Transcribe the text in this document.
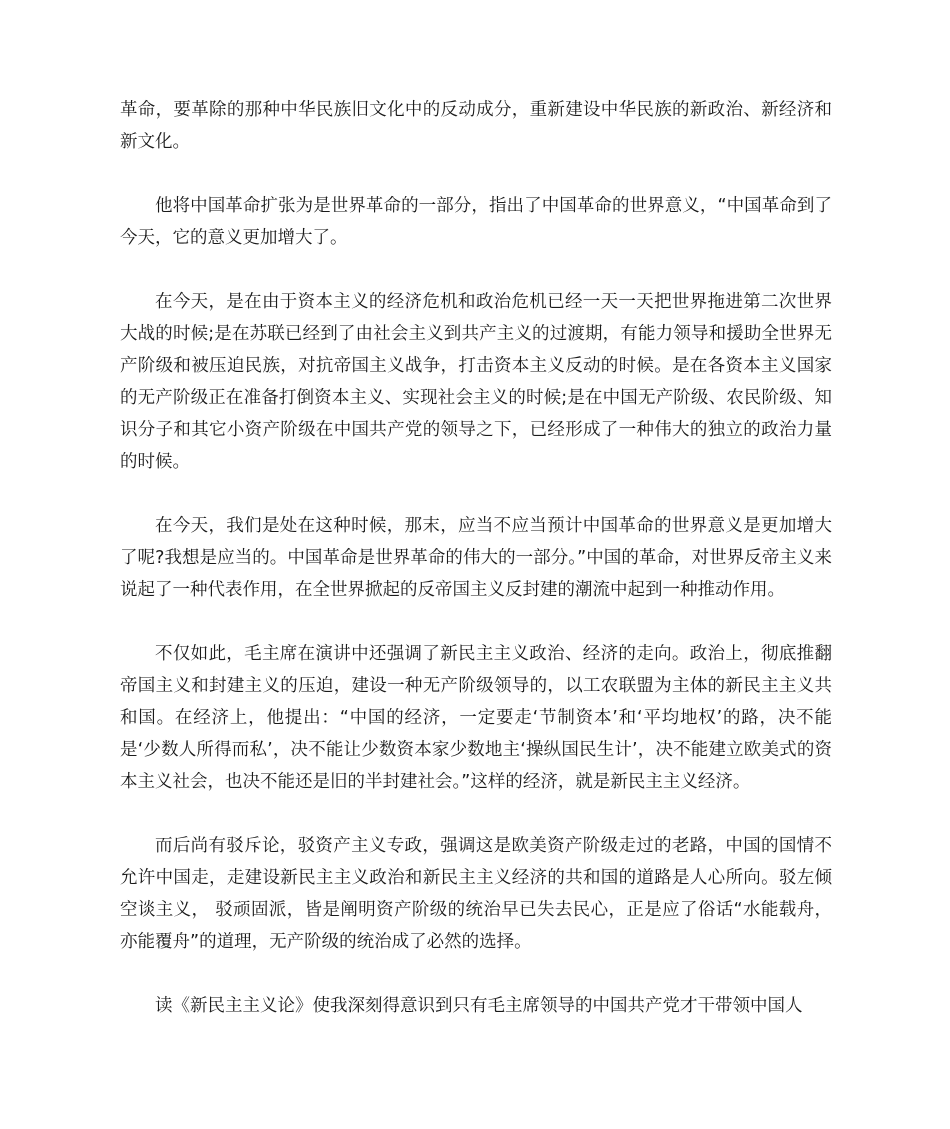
革命，要革除的那种中华民族旧文化中的反动成分，重新建设中华民族的新政治、新经济和新文化。

他将中国革命扩张为是世界革命的一部分，指出了中国革命的世界意义，“中国革命到了今天，它的意义更加增大了。

在今天，是在由于资本主义的经济危机和政治危机已经一天一天把世界拖进第二次世界大战的时候;是在苏联已经到了由社会主义到共产主义的过渡期，有能力领导和援助全世界无产阶级和被压迫民族，对抗帝国主义战争，打击资本主义反动的时候。是在各资本主义国家的无产阶级正在准备打倒资本主义、实现社会主义的时候;是在中国无产阶级、农民阶级、知识分子和其它小资产阶级在中国共产党的领导之下，已经形成了一种伟大的独立的政治力量的时候。

在今天，我们是处在这种时候，那末，应当不应当预计中国革命的世界意义是更加增大了呢?我想是应当的。中国革命是世界革命的伟大的一部分。”中国的革命，对世界反帝主义来说起了一种代表作用，在全世界掀起的反帝国主义反封建的潮流中起到一种推动作用。

不仅如此，毛主席在演讲中还强调了新民主主义政治、经济的走向。政治上，彻底推翻帝国主义和封建主义的压迫，建设一种无产阶级领导的，以工农联盟为主体的新民主主义共和国。在经济上，他提出：“中国的经济，一定要走‘节制资本’和‘平均地权’的路，决不能是‘少数人所得而私’，决不能让少数资本家少数地主‘操纵国民生计’，决不能建立欧美式的资本主义社会，也决不能还是旧的半封建社会。”这样的经济，就是新民主主义经济。

而后尚有驳斥论，驳资产主义专政，强调这是欧美资产阶级走过的老路，中国的国情不允许中国走，走建设新民主主义政治和新民主主义经济的共和国的道路是人心所向。驳左倾空谈主义， 驳顽固派，皆是阐明资产阶级的统治早已失去民心，正是应了俗话“水能载舟，亦能覆舟”的道理，无产阶级的统治成了必然的选择。

读《新民主主义论》使我深刻得意识到只有毛主席领导的中国共产党才干带领中国人
